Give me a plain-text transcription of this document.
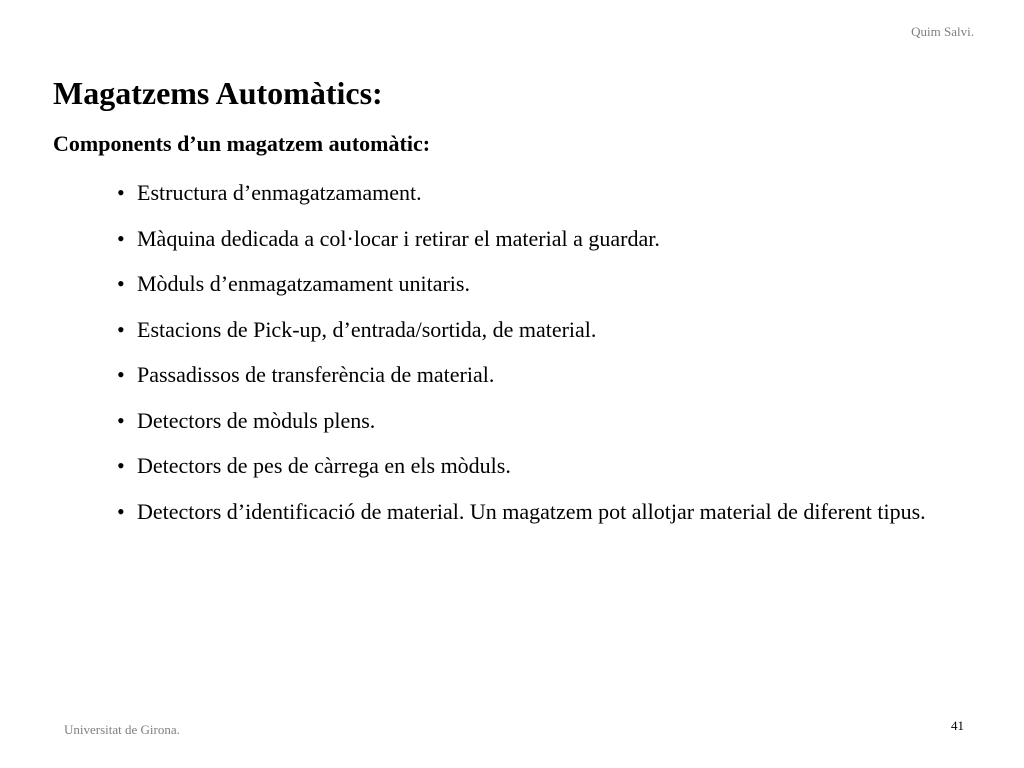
Quim Salvi.
Magatzems Automàtics:
Components d’un magatzem automàtic:
• Estructura d’enmagatzamament.
• Màquina dedicada a col·locar i retirar el material a guardar.
• Mòduls d’enmagatzamament unitaris.
• Estacions de Pick-up, d’entrada/sortida, de material.
• Passadissos de transferència de material.
• Detectors de mòduls plens.
• Detectors de pes de càrrega en els mòduls.
• Detectors d’identificació de material. Un magatzem pot allotjar material de diferent tipus.
Universitat de Girona.	41
